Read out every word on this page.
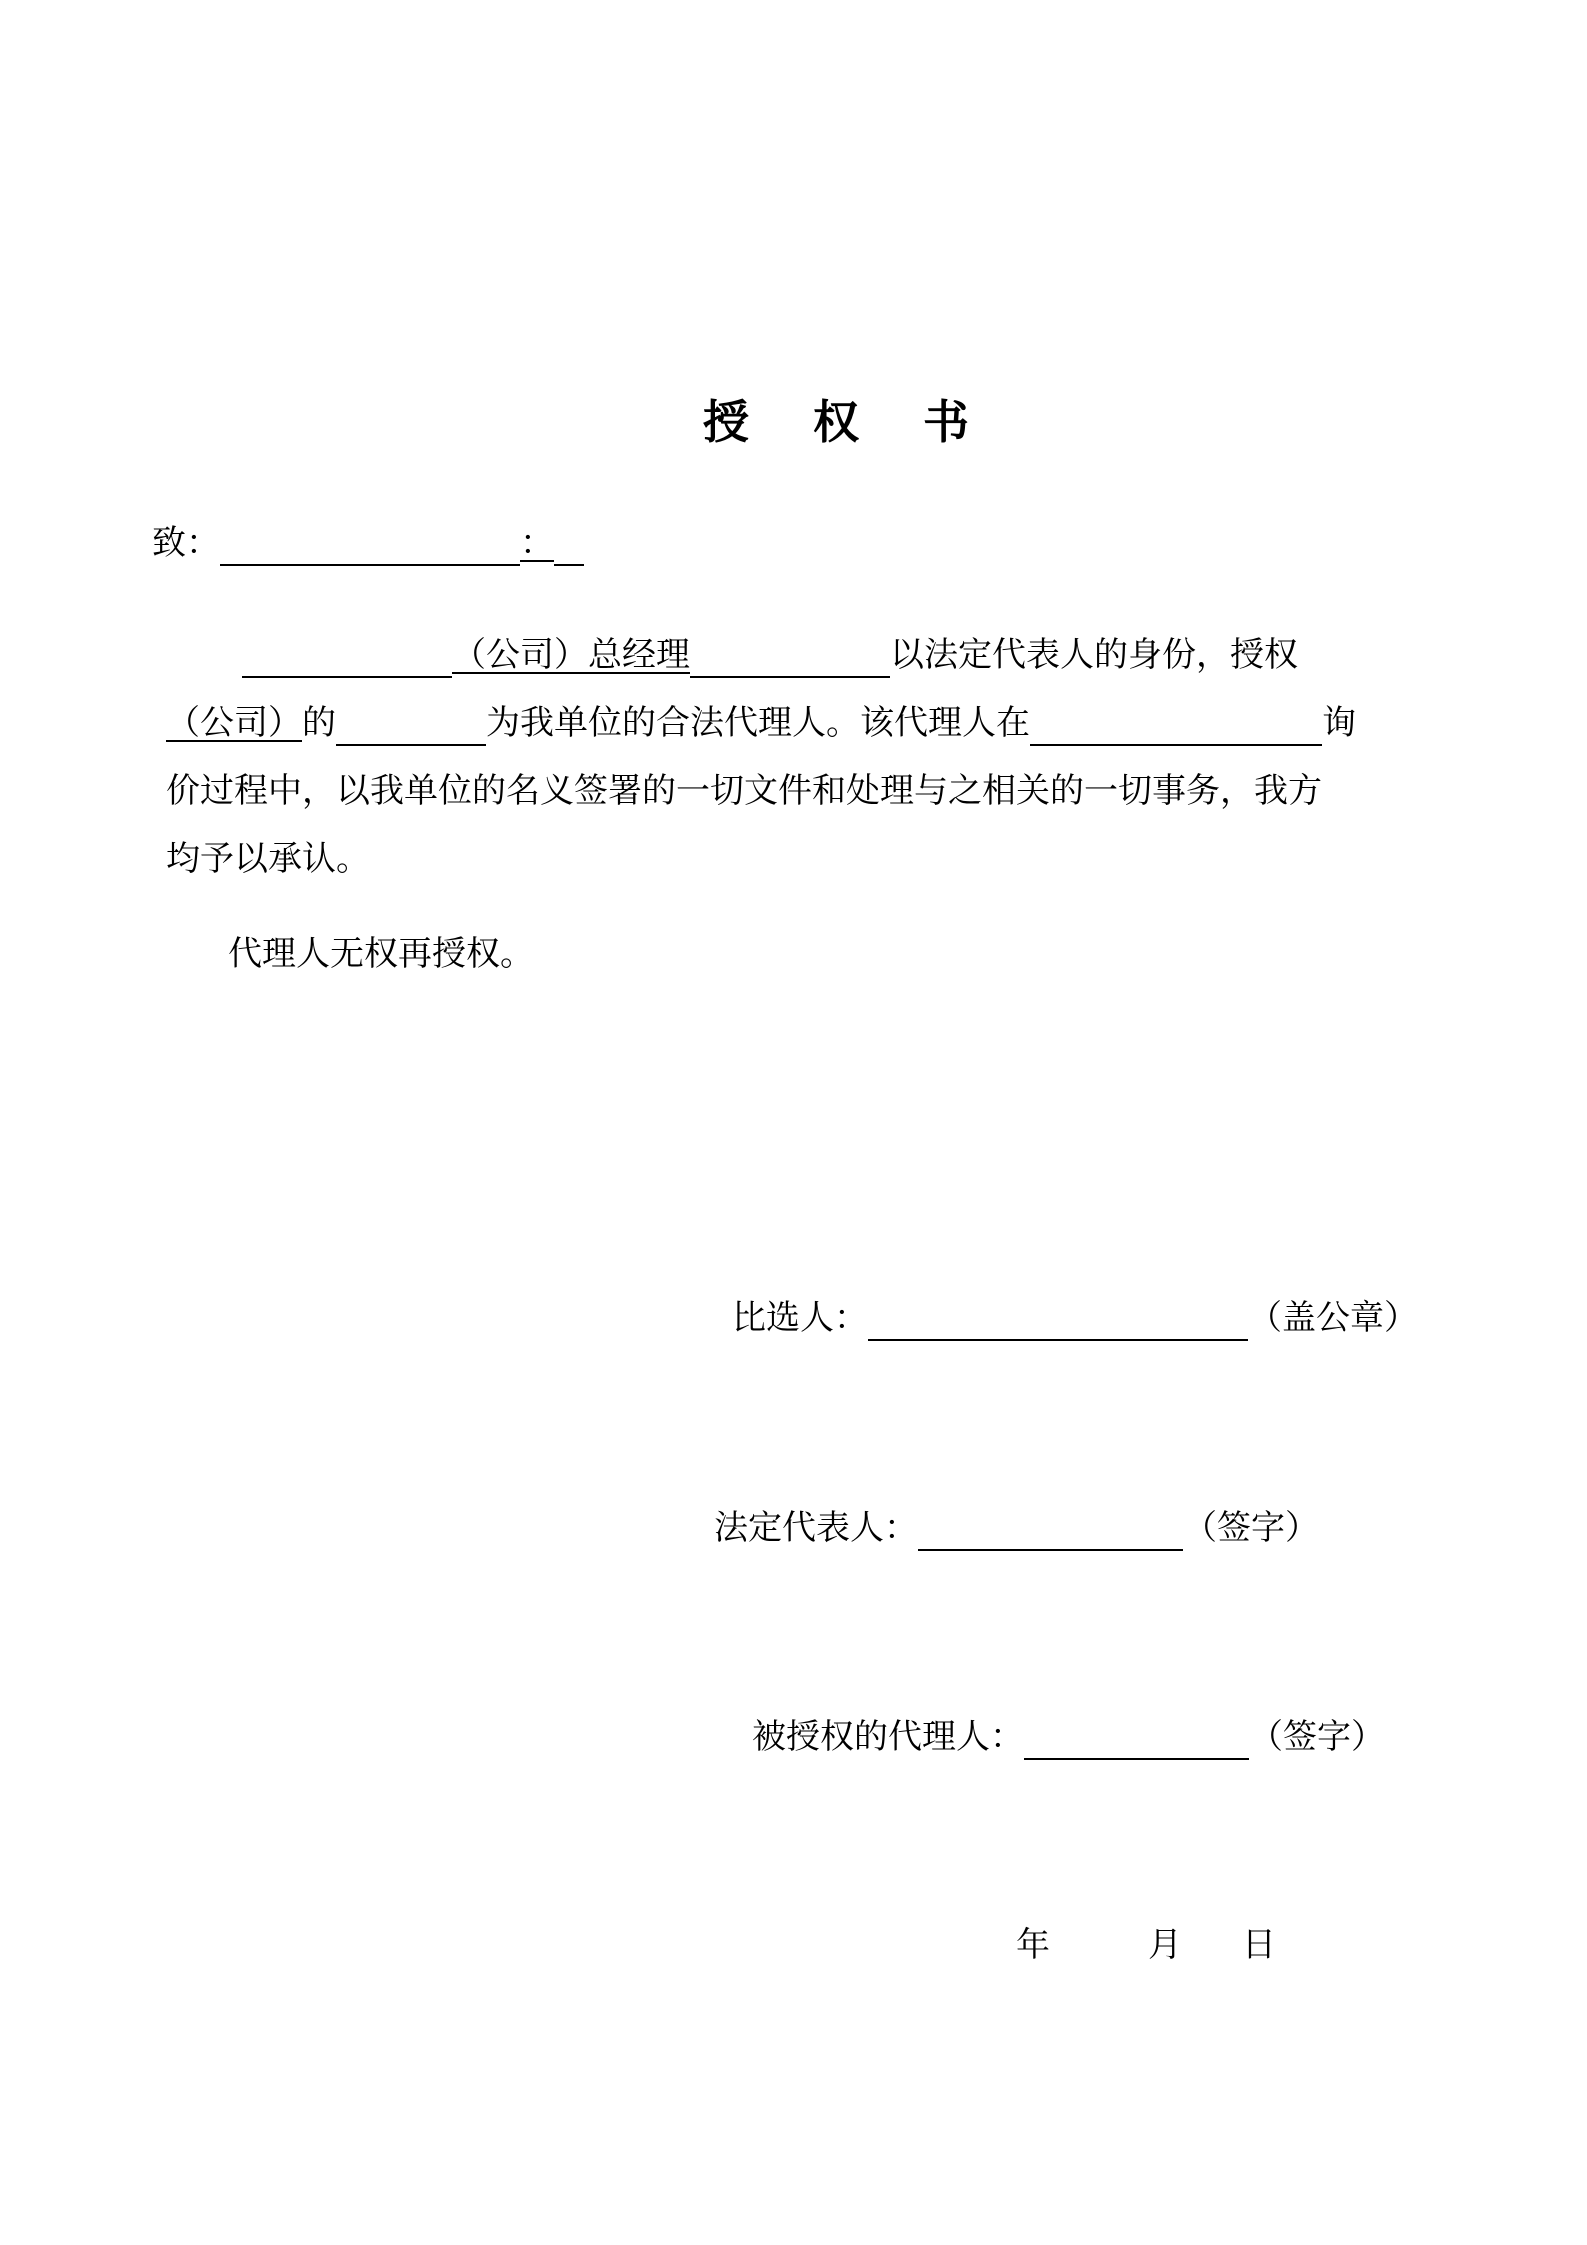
授 权 书
致：	：
（公司）总经理	以法定代表人的身份，授权
（公司）的	为我单位的合法代理人。该代理人在	询
价过程中，以我单位的名义签署的一切文件和处理与之相关的一切事务，我方
均予以承认。
代理人无权再授权。
比选人：	（盖公章）
法定代表人：	（签字）
被授权的代理人：	（签字）
年	月 日
